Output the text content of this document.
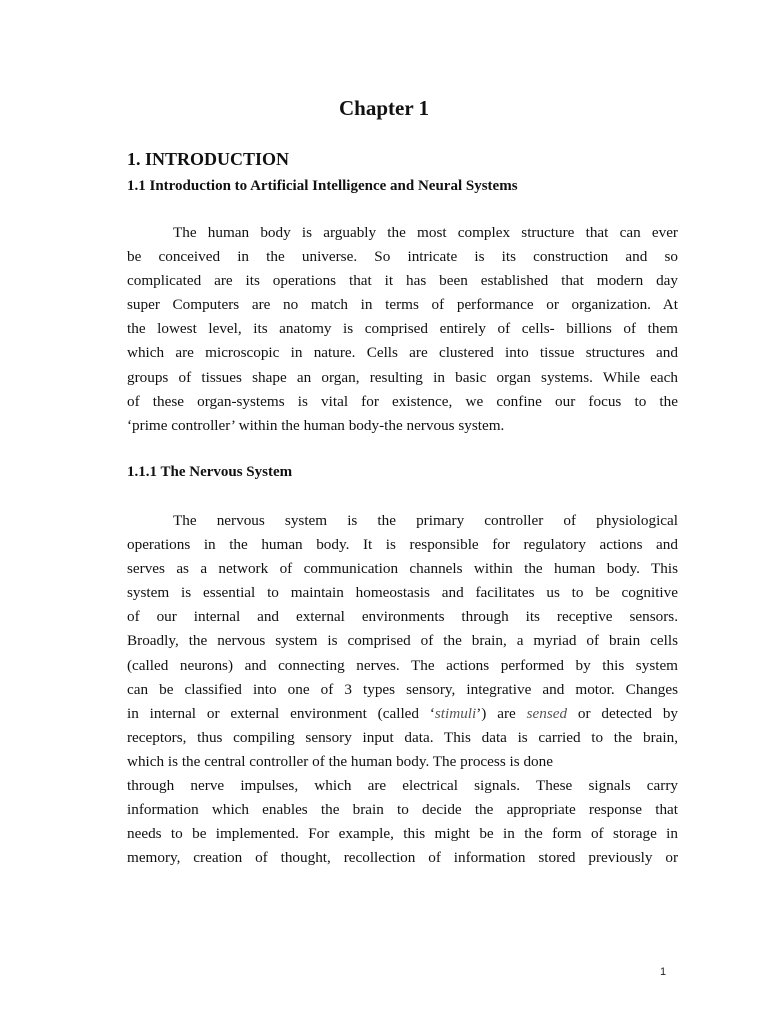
Chapter 1
1. INTRODUCTION
1.1 Introduction to Artificial Intelligence and Neural Systems
The human body is arguably the most complex structure that can ever
be conceived in the universe. So intricate is its construction and so
complicated are its operations that it has been established that modern day
super Computers are no match in terms of performance or organization. At
the lowest level, its anatomy is comprised entirely of cells- billions of them
which are microscopic in nature. Cells are clustered into tissue structures and
groups of tissues shape an organ, resulting in basic organ systems. While each
of these organ-systems is vital for existence, we confine our focus to the
‘prime controller’ within the human body-the nervous system.
1.1.1 The Nervous System
The nervous system is the primary controller of physiological
operations in the human body. It is responsible for regulatory actions and
serves as a network of communication channels within the human body. This
system is essential to maintain homeostasis and facilitates us to be cognitive
of our internal and external environments through its receptive sensors.
Broadly, the nervous system is comprised of the brain, a myriad of brain cells
(called neurons) and connecting nerves. The actions performed by this system
can be classified into one of 3 types sensory, integrative and motor. Changes
in internal or external environment (called ‘stimuli’) are sensed or detected by
receptors, thus compiling sensory input data. This data is carried to the brain,
which is the central controller of the human body. The process is done
through nerve impulses, which are electrical signals. These signals carry
information which enables the brain to decide the appropriate response that
needs to be implemented. For example, this might be in the form of storage in
memory, creation of thought, recollection of information stored previously or
1
